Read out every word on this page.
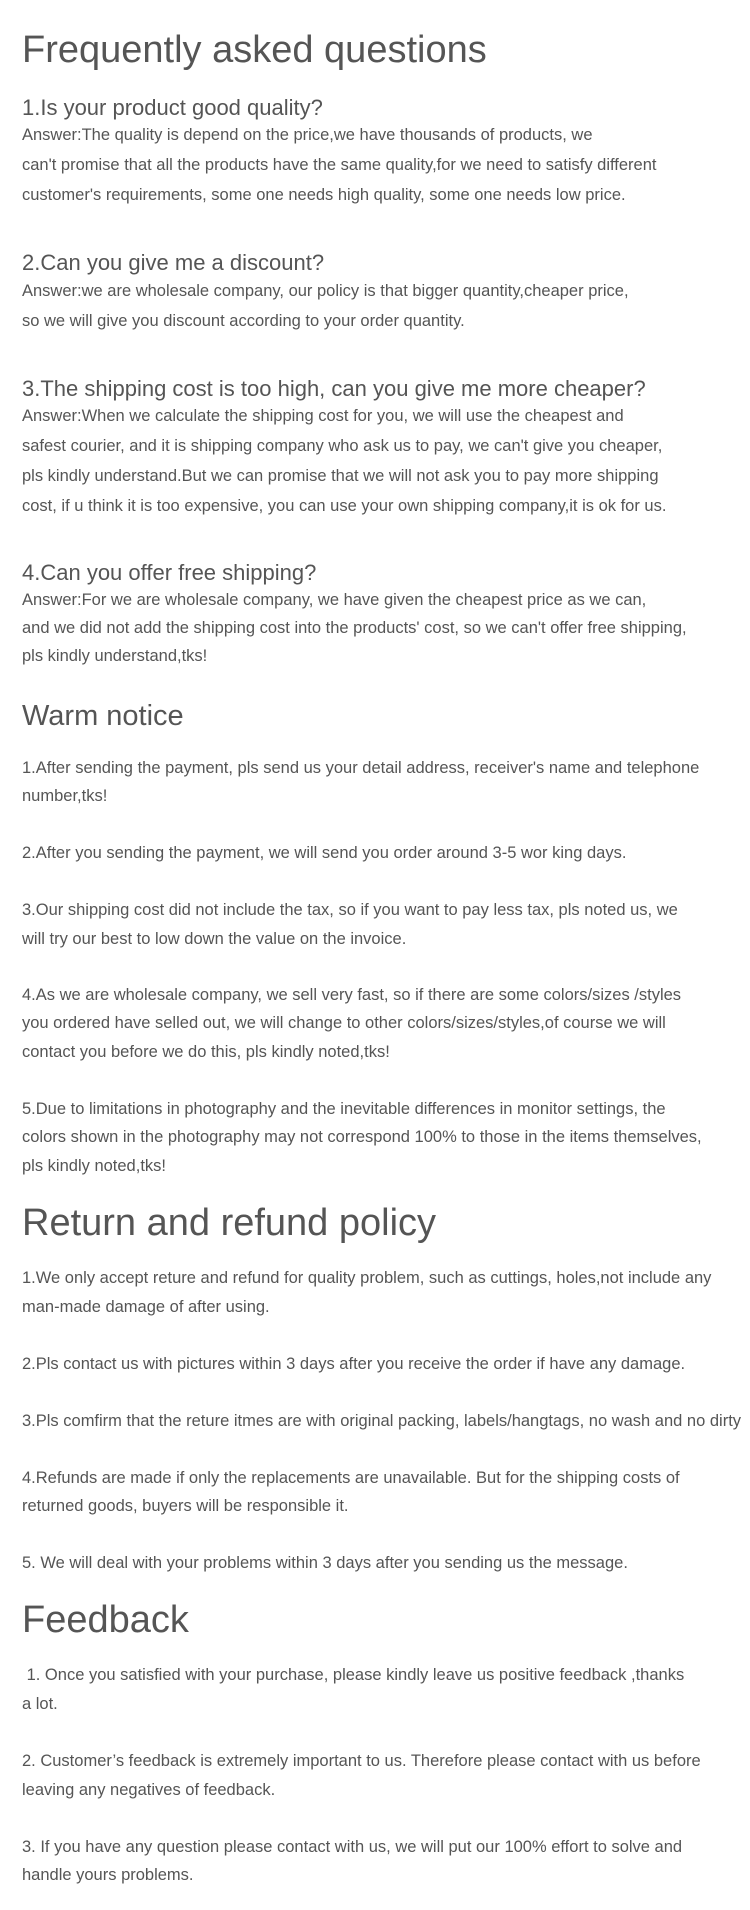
Frequently asked questions
1.Is your product good quality?

Answer:The quality is depend on the price,we have thousands of products, we

can't promise that all the products have the same quality,for we need to satisfy different

customer's requirements, some one needs high quality, some one needs low price.

2.Can you give me a discount?

Answer:we are wholesale company, our policy is that bigger quantity,cheaper price,

so we will give you discount according to your order quantity.

3.The shipping cost is too high, can you give me more cheaper?

Answer:When we calculate the shipping cost for you, we will use the cheapest and

safest courier, and it is shipping company who ask us to pay, we can't give you cheaper,

pls kindly understand.But we can promise that we will not ask you to pay more shipping

cost, if u think it is too expensive, you can use your own shipping company,it is ok for us.

4.Can you offer free shipping?

Answer:For we are wholesale company, we have given the cheapest price as we can,

and we did not add the shipping cost into the products' cost, so we can't offer free shipping,

pls kindly understand,tks!

Warm notice

1.After sending the payment, pls send us your detail address, receiver's name and telephone

number,tks!

2.After you sending the payment, we will send you order around 3-5 wor king days.

3.Our shipping cost did not include the tax, so if you want to pay less tax, pls noted us, we

will try our best to low down the value on the invoice.

4.As we are wholesale company, we sell very fast, so if there are some colors/sizes /styles

you ordered have selled out, we will change to other colors/sizes/styles,of course we will

contact you before we do this, pls kindly noted,tks!

5.Due to limitations in photography and the inevitable differences in monitor settings, the

colors shown in the photography may not correspond 100% to those in the items themselves,

pls kindly noted,tks!

Return and refund policy

1.We only accept reture and refund for quality problem, such as cuttings, holes,not include any

man-made damage of after using.

2.Pls contact us with pictures within 3 days after you receive the order if have any damage.

3.Pls comfirm that the reture itmes are with original packing, labels/hangtags, no wash and no dirty

4.Refunds are made if only the replacements are unavailable. But for the shipping costs of

returned goods, buyers will be responsible it.

5. We will deal with your problems within 3 days after you sending us the message.

Feedback

1. Once you satisfied with your purchase, please kindly leave us positive feedback ,thanks

a lot.

2. Customer’s feedback is extremely important to us. Therefore please contact with us before

leaving any negatives of feedback.

3. If you have any question please contact with us, we will put our 100% effort to solve and

handle yours problems.
